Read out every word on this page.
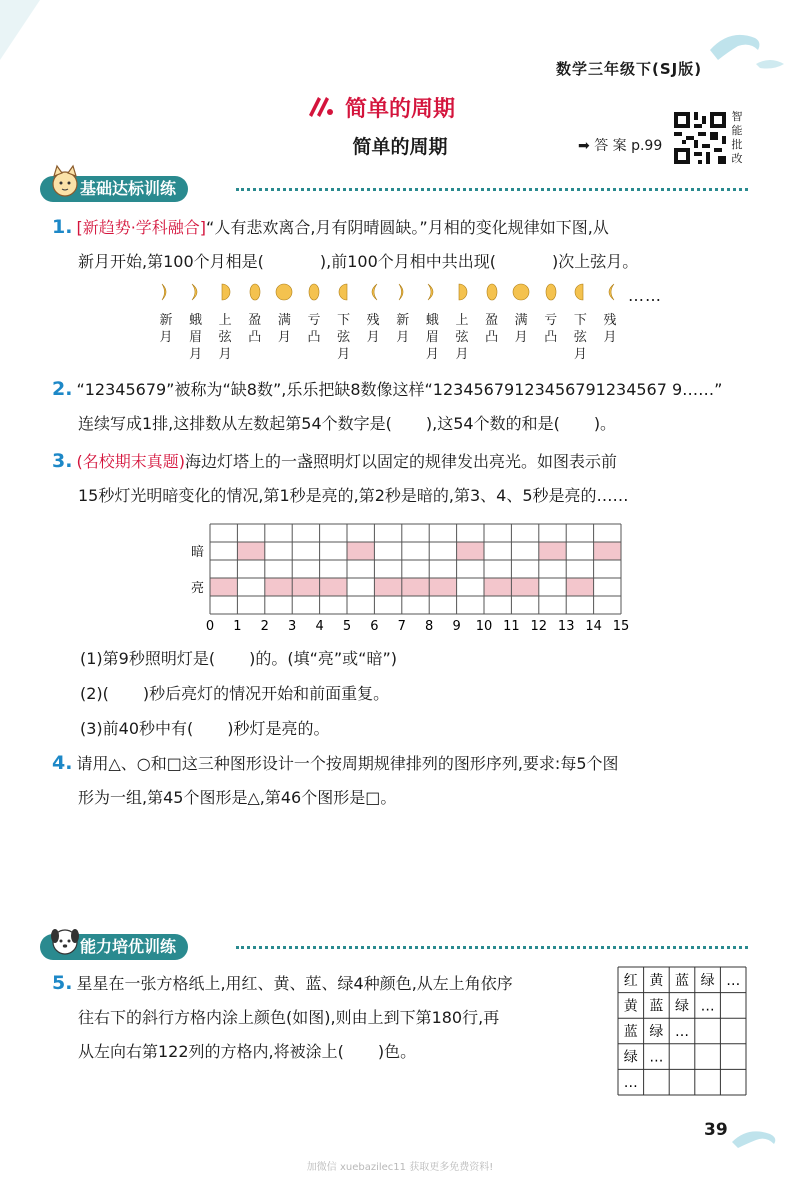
数学三年级下(SJ版)
简单的周期
简单的周期	➡ 答 案 p.99
智
能
批
改
基础达标训练
1. [新趋势·学科融合]“人有悲欢离合,月有阴晴圆缺。”月相的变化规律如下图,从
新月开始,第100个月相是(	),前100个月相中共出现(	)次上弦月。
新月
蛾眉月
上弦月
盈凸
满月
亏凸
下弦月
残月
新月
蛾眉月
上弦月
盈凸
满月
亏凸
下弦月
残月
……
2. “12345679”被称为“缺8数”,乐乐把缺8数像这样“12345679123456791234567 9……”
连续写成1排,这排数从左数起第54个数字是( ),这54个数的和是( )。
3. (名校期末真题)海边灯塔上的一盏照明灯以固定的规律发出亮光。如图表示前
15秒灯光明暗变化的情况,第1秒是亮的,第2秒是暗的,第3、4、5秒是亮的……
暗
亮
0 1 2 3 4 5 6 7 8 9 10 11 12 13 14 15
(1)第9秒照明灯是( )的。(填“亮”或“暗”)
(2)( )秒后亮灯的情况开始和前面重复。
(3)前40秒中有( )秒灯是亮的。
4. 请用△、○和□这三种图形设计一个按周期规律排列的图形序列,要求:每5个图
形为一组,第45个图形是△,第46个图形是□。
能力培优训练
5. 星星在一张方格纸上,用红、黄、蓝、绿4种颜色,从左上角依序
往右下的斜行方格内涂上颜色(如图),则由上到下第180行,再
从左向右第122列的方格内,将被涂上( )色。
红 黄 蓝 绿 …
黄 蓝 绿 …
蓝 绿 …
绿 …
…
39
加微信 xuebazilec11 获取更多免费资料!
